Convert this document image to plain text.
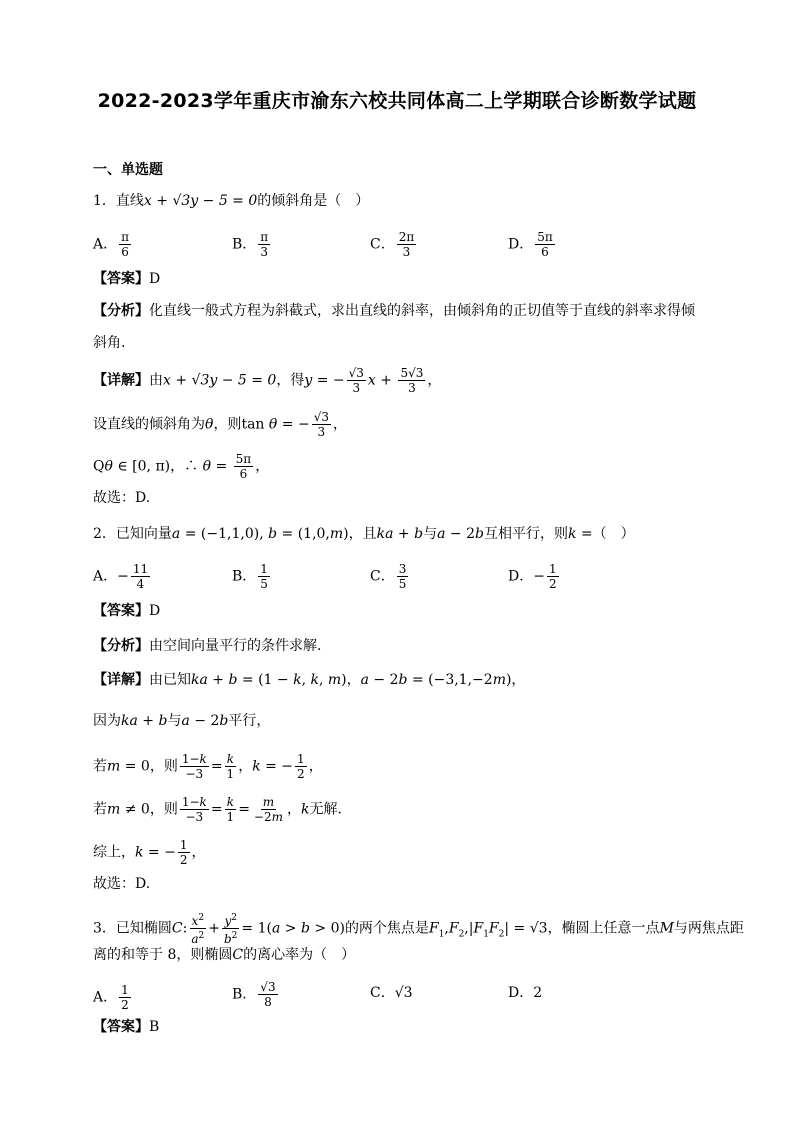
2022-2023学年重庆市渝东六校共同体高二上学期联合诊断数学试题
一、单选题
1．直线x + √3y − 5 = 0的倾斜角是（　）
A． $\frac{\pi}{6}$	B． $\frac{\pi}{3}$	C． $\frac{2\pi}{3}$	D． $\frac{5\pi}{6}$
【答案】D
【分析】化直线一般式方程为斜截式，求出直线的斜率，由倾斜角的正切值等于直线的斜率求得倾
斜角.
【详解】由x + √3y − 5 = 0，得y = − $\frac{√3}{3}$ $x + \frac{5√3}{3}$ ，
设直线的倾斜角为θ，则tan θ = − $\frac{√3}{3}$ ，
Qθ ∈ [0, π)，∴ $\theta = \frac{5\pi}{6}$ ，
故选：D.
2．已知向量a = (−1,1,0), b = (1,0,m)，且ka + b与a − 2b互相平行，则k =（　）
A．− $\frac{11}{4}$	B． $\frac{1}{5}$	C． $\frac{3}{5}$	D．− $\frac{1}{2}$
【答案】D
【分析】由空间向量平行的条件求解.
【详解】由已知ka + b = (1 − k, k, m)，a − 2b = (−3,1,−2m)，
因为ka + b与a − 2b平行，
若m = 0，则 $\frac{1-k}{-3} = \frac{k}{1}$ ，k = − $\frac{1}{2}$ ，
若m ≠ 0，则 $\frac{1-k}{-3} = \frac{k}{1} = \frac{m}{-2m}$ ，k无解.
综上，k = − $\frac{1}{2}$ ，
故选：D.
3．已知椭圆C: $\frac{x^2}{a^2} + \frac{y^2}{b^2} = 1(a > b > 0)$的两个焦点是$F_1,F_2,|F_1F_2| = √3$，椭圆上任意一点M与两焦点距
离的和等于 8，则椭圆C的离心率为（　）
A． $\frac{1}{2}$	B． $\frac{√3}{8}$	C．√3	D．2
【答案】B
